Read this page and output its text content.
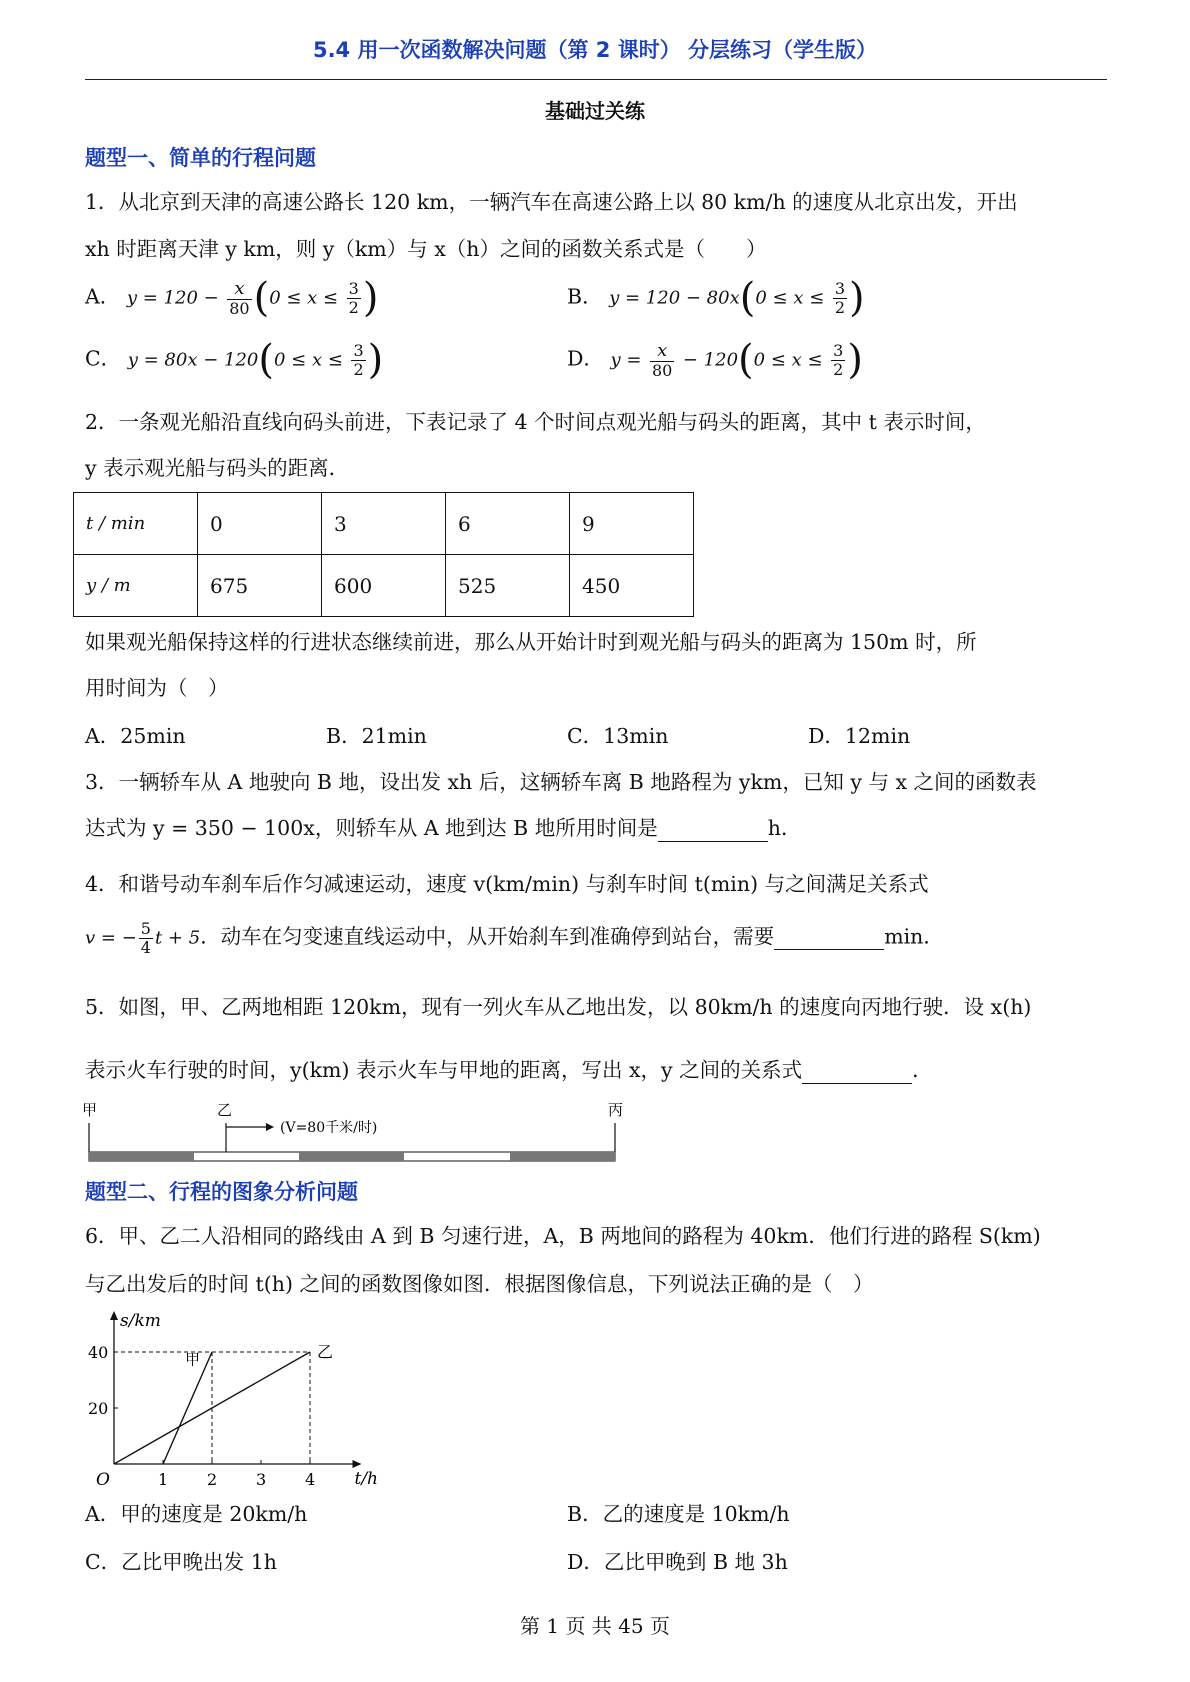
5.4 用一次函数解决问题（第 2 课时） 分层练习（学生版）
基础过关练
题型一、简单的行程问题
1．从北京到天津的高速公路长 120 km，一辆汽车在高速公路上以 80 km/h 的速度从北京出发，开出
xh 时距离天津 y km，则 y（km）与 x（h）之间的函数关系式是（　　）
A． $y = 120 - \frac{x}{80} (0 \le x \le \frac{3}{2}$ )	B． $y = 120 - 80x(0 \le x \le \frac{3}{2}$ )
C． $y = 80x - 120(0 \le x \le \frac{3}{2}$ )	D． $y = \frac{x}{80} - 120(0 \le x \le \frac{3}{2}$ )
2．一条观光船沿直线向码头前进，下表记录了 4 个时间点观光船与码头的距离，其中 t 表示时间，
y 表示观光船与码头的距离．
t / min	0	3	6	9
y / m	675	600	525	450
如果观光船保持这样的行进状态继续前进，那么从开始计时到观光船与码头的距离为 150m 时，所
用时间为（　）
A．25min	B．21min	C．13min	D．12min
3．一辆轿车从 A 地驶向 B 地，设出发 xh 后，这辆轿车离 B 地路程为 ykm，已知 y 与 x 之间的函数表
达式为 y = 350 − 100x，则轿车从 A 地到达 B 地所用时间是	h．
4．和谐号动车刹车后作匀减速运动，速度 v(km/min) 与刹车时间 t(min) 与之间满足关系式
v = − $\frac{5}{4}$ t + 5．动车在匀变速直线运动中，从开始刹车到准确停到站台，需要	min．
5．如图，甲、乙两地相距 120km，现有一列火车从乙地出发，以 80km/h 的速度向丙地行驶．设 x(h)
表示火车行驶的时间，y(km) 表示火车与甲地的距离，写出 x，y 之间的关系式	．
甲	乙	丙
(V=80千米/时)
题型二、行程的图象分析问题
6．甲、乙二人沿相同的路线由 A 到 B 匀速行进，A，B 两地间的路程为 40km．他们行进的路程 S(km)
与乙出发后的时间 t(h) 之间的函数图像如图．根据图像信息，下列说法正确的是（　）
s/km
t/h
O
40
20
1 2 3 4
甲	乙
A．甲的速度是 20km/h	B．乙的速度是 10km/h
C．乙比甲晚出发 1h	D．乙比甲晚到 B 地 3h
第 1 页 共 45 页
